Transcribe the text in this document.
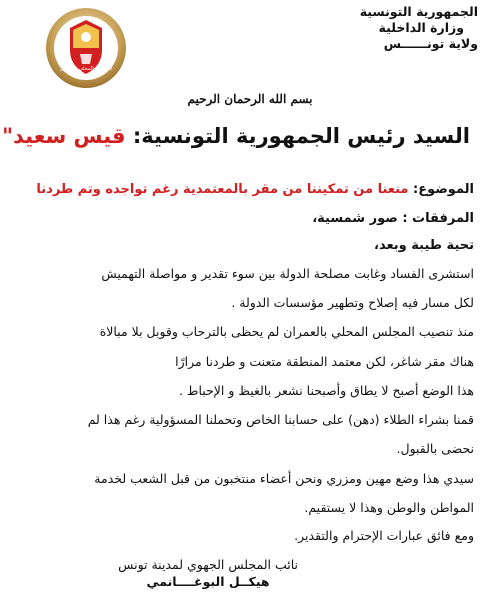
الجمهورية التونسية
وزارة الداخلية
ولاية تونــــــس
المجلس المحلي بالعمران
بسم الله الرحمان الرحيم
السيد رئيس الجمهورية التونسية: قيس سعيد"
الموضوع: منعنا من تمكيننا من مقر بالمعتمدية رغم تواجده وتم طردنا
المرفقات : صور شمسية،
تحية طيبة وبعد،
استشرى الفساد وغابت مصلحة الدولة بين سوء تقدير و مواصلة التهميش
لكل مسار فيه إصلاح وتطهير مؤسسات الدولة .
منذ تنصيب المجلس المحلي بالعمران لم يحظى بالترحاب وقوبل بلا مبالاة
هناك مقر شاغر، لكن معتمد المنطقة متعنت و طردنا مرارًا
هذا الوضع أصبح لا يطاق وأصبحنا نشعر بالغيظ و الإحباط .
قمنا بشراء الطلاء (دهن) على حسابنا الخاص وتحملنا المسؤولية رغم هذا لم
نحضى بالقبول.
سيدي هذا وضع مهين ومزري ونحن أعضاء منتخبون من قبل الشعب لخدمة
المواطن والوطن وهذا لا يستقيم.
ومع فائق عبارات الإحترام والتقدير.
نائب المجلس الجهوي لمدينة تونس
هيكــل البوغــــانمي
